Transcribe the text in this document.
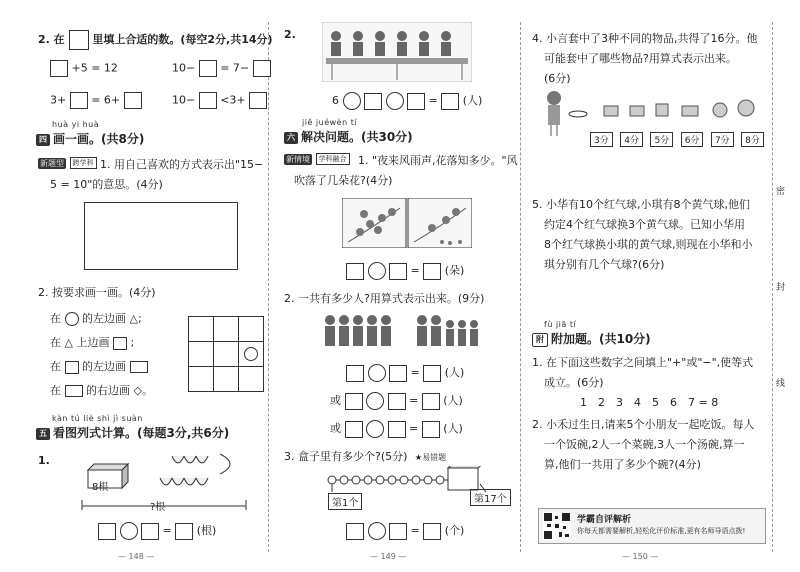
2. 在	里填上合适的数。(每空2分,共14分)
+5 = 12	10− = 7−
3+ = 6+	10− <3+
huà yi huà
四 画一画。(共8分)
新题型 跨学科 1. 用自己喜欢的方式表示出"15−
5 = 10"的意思。(4分)
2. 按要求画一画。(4分)
在 的左边画 △;
在 △ 上边画 ;
在 的左边画
在 的右边画 ◇。

kàn tú liè shì jì suàn
五 看图列式计算。(每题3分,共6分)
1.
8根
?根
=  (根)
— 148 —
2.
6	=  (人)
jiě juéwèn tí
六 解决问题。(共30分)
新情境 学科融合 1. "夜来风雨声,花落知多少。"风
吹落了几朵花?(4分)
=  (朵)
2. 一共有多少人?用算式表示出来。(9分)
=  (人)
或	=  (人)
或	=  (人)
3. 盒子里有多少个?(5分) ★易错题
第1个	第17个
=  (个)
— 149 —
4. 小言套中了3种不同的物品,共得了16分。他
可能套中了哪些物品?用算式表示出来。
(6分)
3分 4分 5分 6分 7分 8分
5. 小华有10个红气球,小琪有8个黄气球,他们
约定4个红气球换3个黄气球。已知小华用
8个红气球换小琪的黄气球,则现在小华和小
琪分别有几个气球?(6分)
fù jiā tí
附 附加题。(共10分)
1. 在下面这些数字之间填上"+"或"−",使等式
成立。(6分)
1　2　3　4　5　6　7 = 8
2. 小禾过生日,请来5个小朋友一起吃饭。每人
一个饭碗,2人一个菜碗,3人一个汤碗,算一
算,他们一共用了多少个碗?(4分)
学霸自评解析
你每天都需要解析,轻松化评价标准,更有名师导语点拨!
— 150 —
密
封
线
